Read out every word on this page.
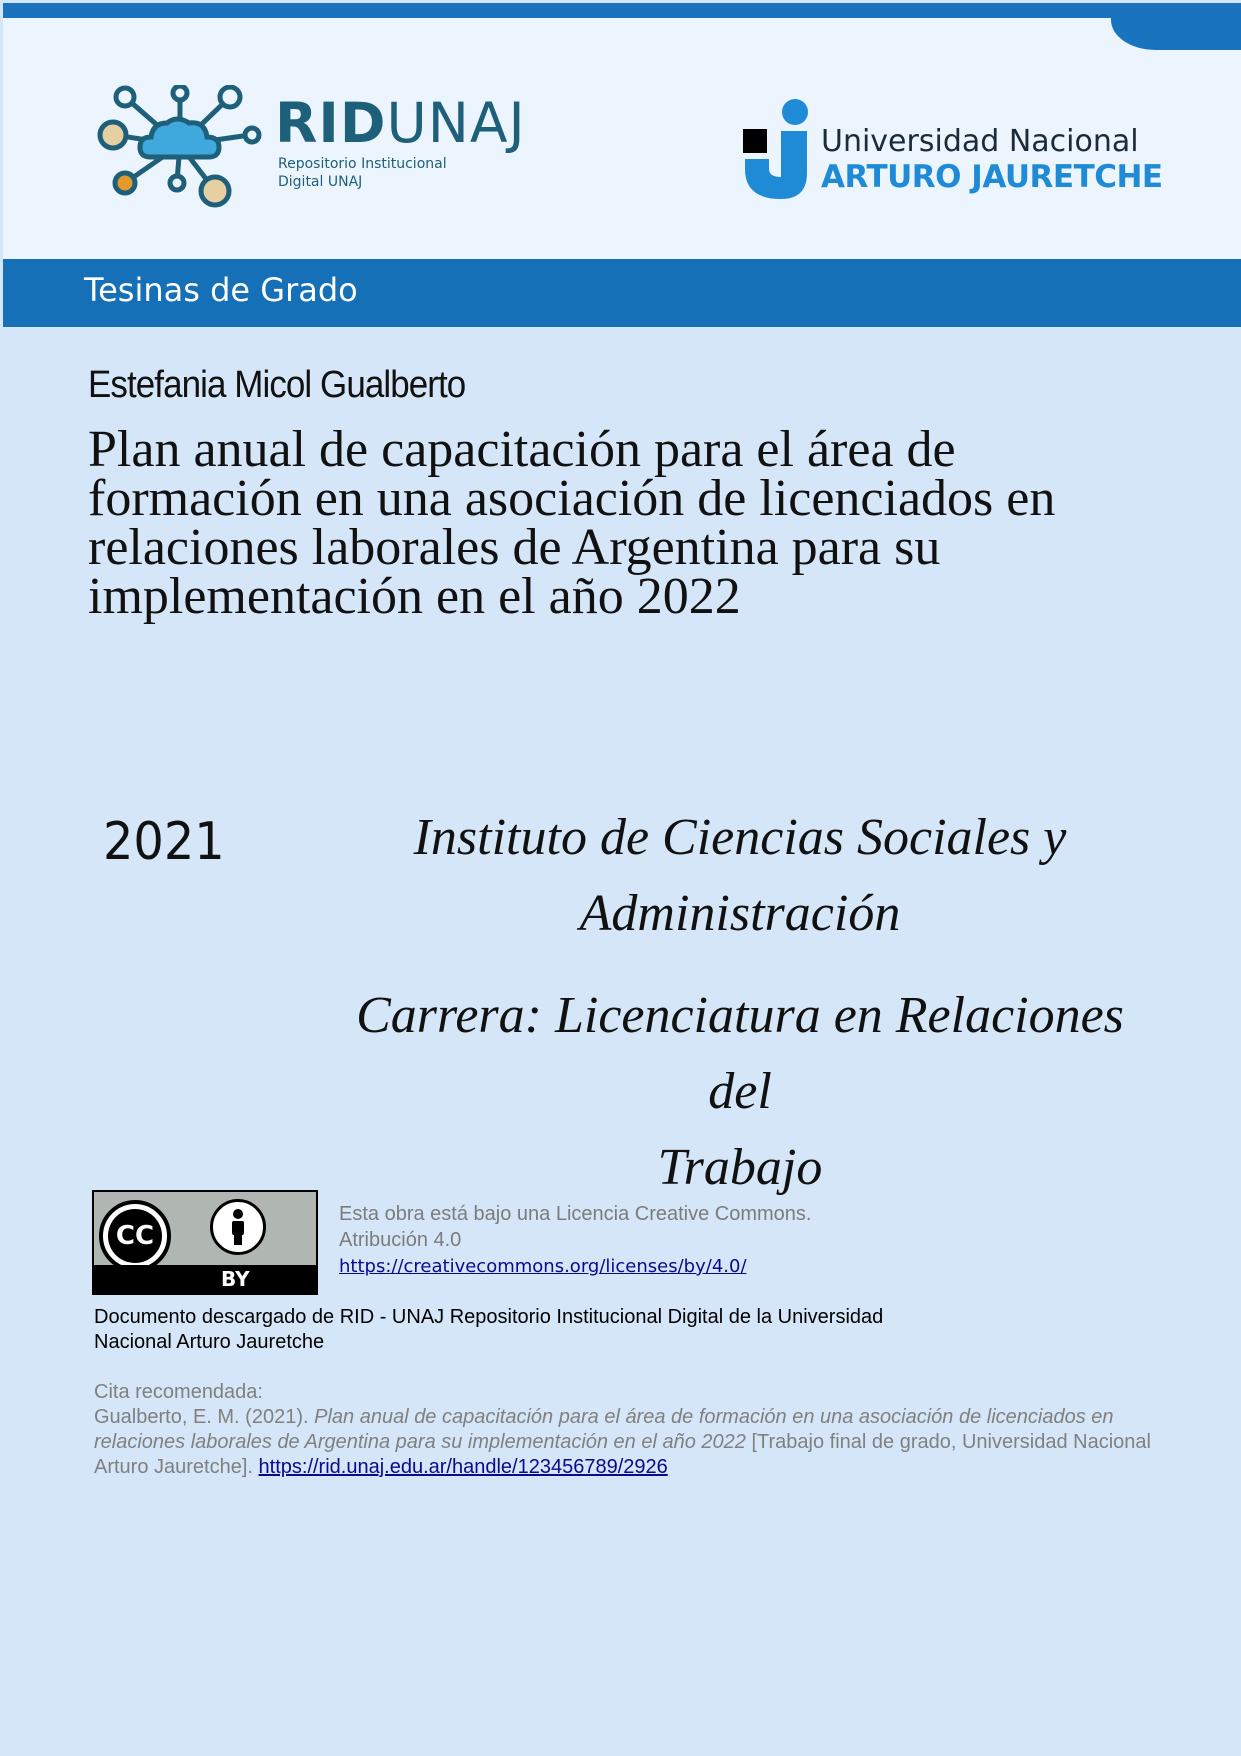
RIDUNAJ

Repositorio Institucional
Digital UNAJ
Universidad Nacional
ARTURO JAURETCHE
Tesinas de Grado

Estefania Micol Gualberto

Plan anual de capacitación para el área de
formación en una asociación de licenciados en
relaciones laborales de Argentina para su
implementación en el año 2022
2021	Instituto de Ciencias Sociales y
Administración
Carrera: Licenciatura en Relaciones del
Trabajo
CC
BY
Esta obra está bajo una Licencia Creative Commons.
Atribución 4.0
https://creativecommons.org/licenses/by/4.0/
Documento descargado de RID - UNAJ Repositorio Institucional Digital de la Universidad
Nacional Arturo Jauretche
Cita recomendada:
Gualberto, E. M. (2021). Plan anual de capacitación para el área de formación en una asociación de licenciados en relaciones laborales de Argentina para su implementación en el año 2022 [Trabajo final de grado, Universidad Nacional Arturo Jauretche]. https://rid.unaj.edu.ar/handle/123456789/2926
